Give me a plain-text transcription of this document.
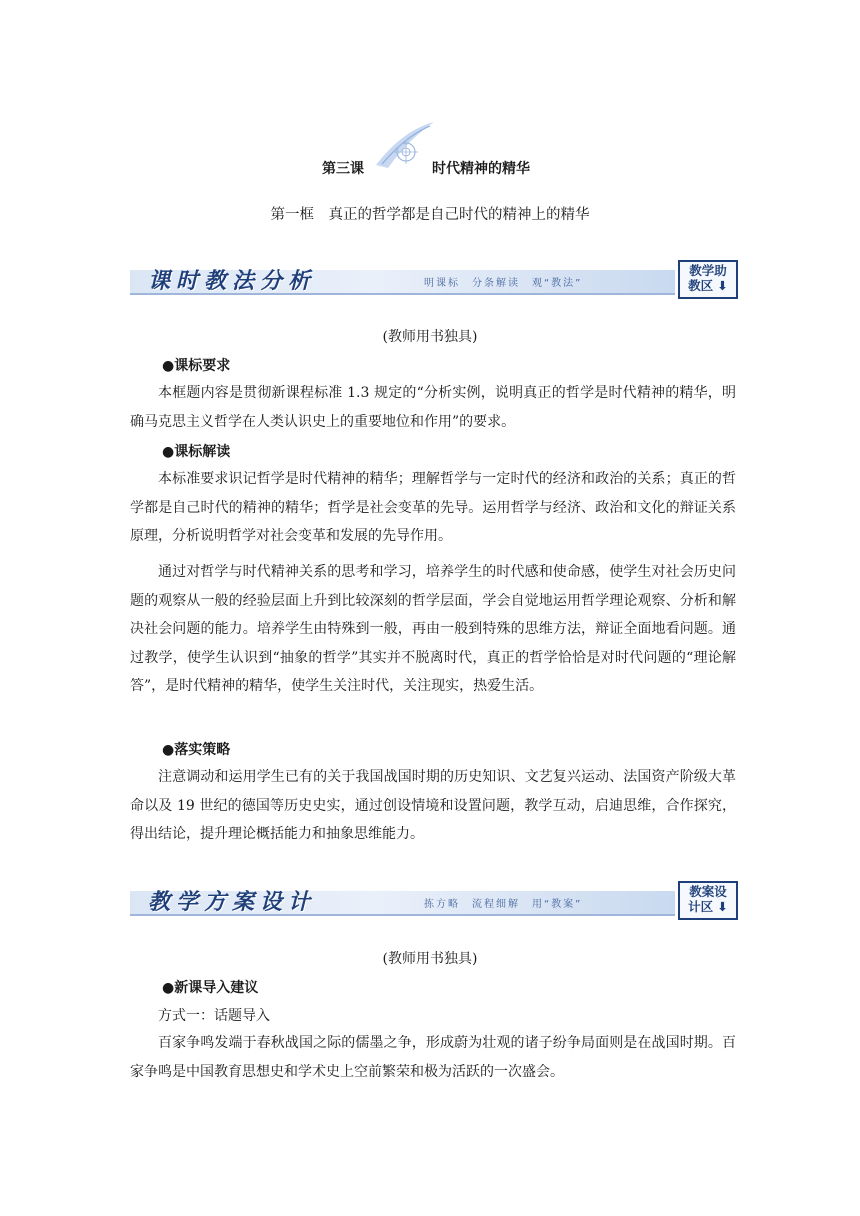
第三课	时代精神的精华
第一框　真正的哲学都是自己时代的精神上的精华
课时教法分析	明课标　分条解读　观“教法”
教学助
教区 ⬇
(教师用书独具)
●课标要求

本框题内容是贯彻新课程标准 1.3 规定的“分析实例，说明真正的哲学是时代精神的精华，明确马克思主义哲学在人类认识史上的重要地位和作用”的要求。

●课标解读

本标准要求识记哲学是时代精神的精华；理解哲学与一定时代的经济和政治的关系；真正的哲学都是自己时代的精神的精华；哲学是社会变革的先导。运用哲学与经济、政治和文化的辩证关系原理，分析说明哲学对社会变革和发展的先导作用。

通过对哲学与时代精神关系的思考和学习，培养学生的时代感和使命感，使学生对社会历史问题的观察从一般的经验层面上升到比较深刻的哲学层面，学会自觉地运用哲学理论观察、分析和解决社会问题的能力。培养学生由特殊到一般，再由一般到特殊的思维方法，辩证全面地看问题。通过教学，使学生认识到“抽象的哲学”其实并不脱离时代，真正的哲学恰恰是对时代问题的“理论解答”，是时代精神的精华，使学生关注时代，关注现实，热爱生活。

●落实策略

注意调动和运用学生已有的关于我国战国时期的历史知识、文艺复兴运动、法国资产阶级大革命以及 19 世纪的德国等历史史实，通过创设情境和设置问题，教学互动，启迪思维，合作探究，得出结论，提升理论概括能力和抽象思维能力。

教学方案设计	拣方略　流程细解　用“教案”
教案设
计区 ⬇
(教师用书独具)
●新课导入建议
方式一：话题导入

百家争鸣发端于春秋战国之际的儒墨之争，形成蔚为壮观的诸子纷争局面则是在战国时期。百家争鸣是中国教育思想史和学术史上空前繁荣和极为活跃的一次盛会。
